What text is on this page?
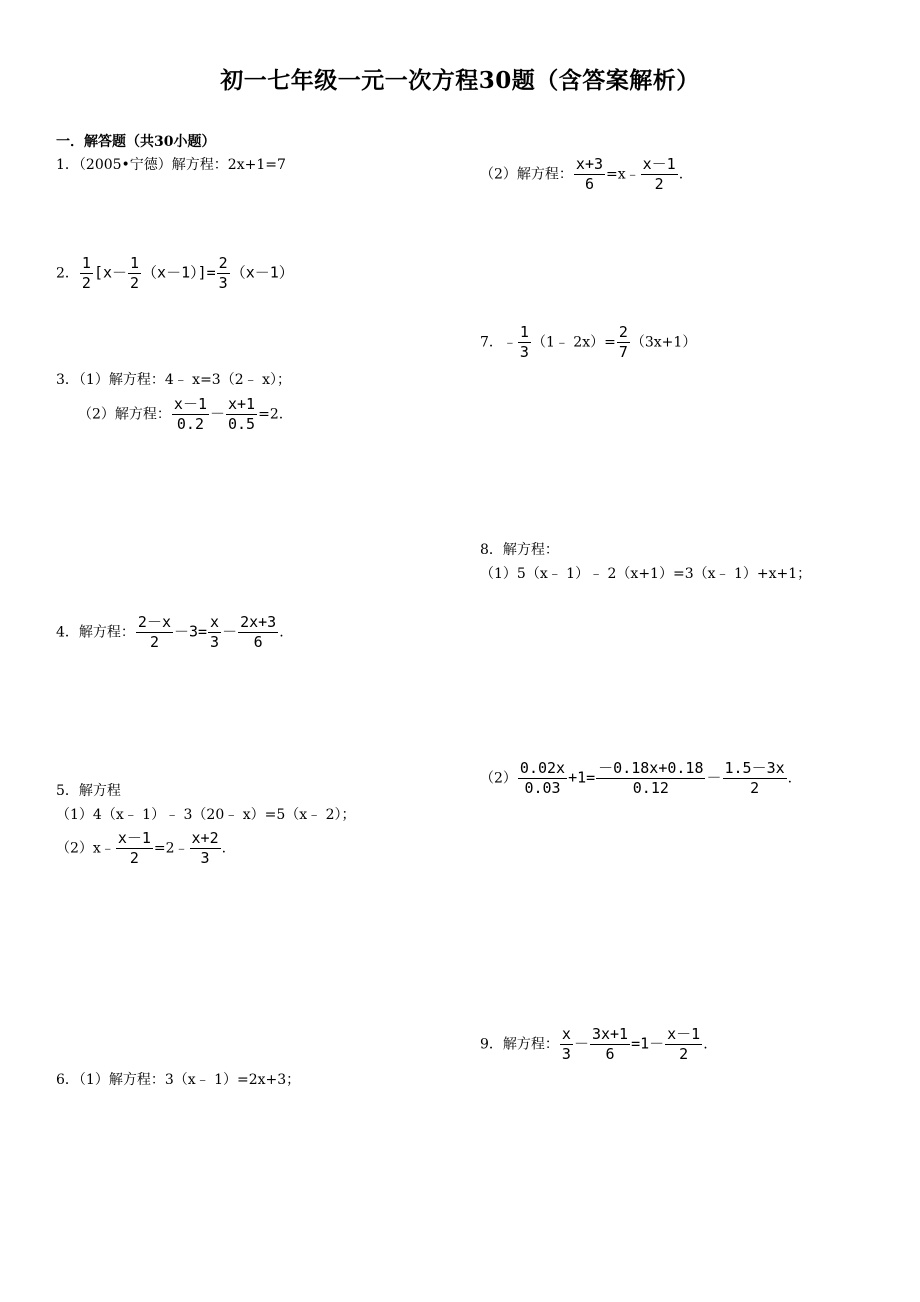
初一七年级一元一次方程30题（含答案解析）
一．解答题（共30小题）
1．（2005•宁德）解方程：2x+1=7
2． $\frac{1}{2} [x- \frac{1}{2} (x-1)]= \frac{2}{3} (x-1)$
3．（1）解方程：4﹣ x=3（2﹣ x）；
（2）解方程： $\frac{x-1}{0.2} - \frac{x+1}{0.5} =2$.
4．解方程： $\frac{2-x}{2} -3= \frac{x}{3} - \frac{2x+3}{6}$ .
5．解方程
（1）4（x﹣ 1）﹣ 3（20﹣ x）=5（x﹣ 2）；
（2）x﹣ $\frac{x-1}{2}$ =2﹣ $\frac{x+2}{3}$ .
6．（1）解方程：3（x﹣ 1）=2x+3；
（2）解方程： $\frac{x+3}{6}$ =x﹣ $\frac{x-1}{2}$ .
7．﹣ $\frac{1}{3}$ （1﹣ $2x)= \frac{2}{7} (3x+1)$
8．解方程：
（1）5（x﹣ 1）﹣ 2（x+1）=3（x﹣ 1）+x+1；
$(2) \frac{0.02x}{0.03} +1= \frac{-0.18x+0.18}{0.12} - \frac{1.5-3x}{2}$ .
9．解方程： $\frac{x}{3} - \frac{3x+1}{6} =1- \frac{x-1}{2}$ .
